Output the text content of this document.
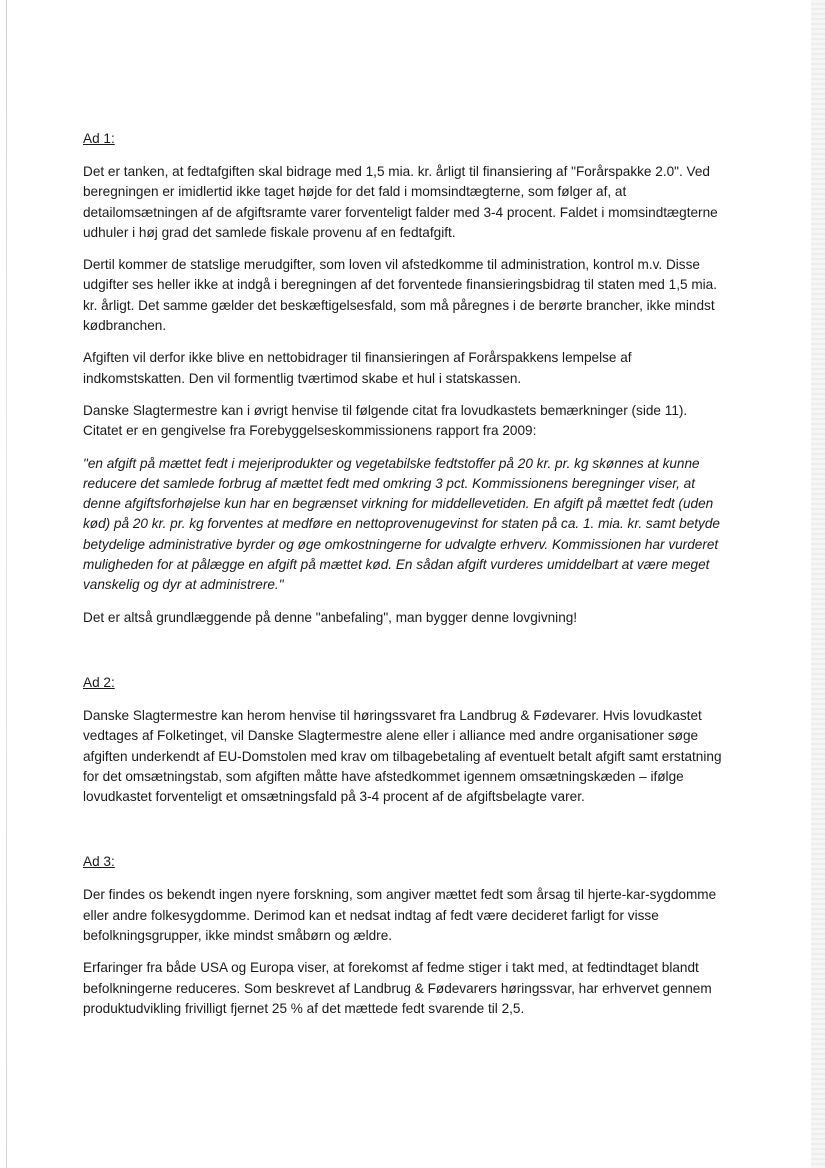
Ad 1:

Det er tanken, at fedtafgiften skal bidrage med 1,5 mia. kr. årligt til finansiering af "Forårspakke 2.0". Ved beregningen er imidlertid ikke taget højde for det fald i momsindtægterne, som følger af, at detailomsætningen af de afgiftsramte varer forventeligt falder med 3-4 procent. Faldet i momsindtægterne udhuler i høj grad det samlede fiskale provenu af en fedtafgift.

Dertil kommer de statslige merudgifter, som loven vil afstedkomme til administration, kontrol m.v. Disse udgifter ses heller ikke at indgå i beregningen af det forventede finansieringsbidrag til staten med 1,5 mia. kr. årligt. Det samme gælder det beskæftigelsesfald, som må påregnes i de berørte brancher, ikke mindst kødbranchen.

Afgiften vil derfor ikke blive en nettobidrager til finansieringen af Forårspakkens lempelse af indkomstskatten. Den vil formentlig tværtimod skabe et hul i statskassen.

Danske Slagtermestre kan i øvrigt henvise til følgende citat fra lovudkastets bemærkninger (side 11). Citatet er en gengivelse fra Forebyggelseskommissionens rapport fra 2009:

"en afgift på mættet fedt i mejeriprodukter og vegetabilske fedtstoffer på 20 kr. pr. kg skønnes at kunne reducere det samlede forbrug af mættet fedt med omkring 3 pct. Kommissionens beregninger viser, at denne afgiftsforhøjelse kun har en begrænset virkning for middellevetiden. En afgift på mættet fedt (uden kød) på 20 kr. pr. kg forventes at medføre en nettoprovenugevinst for staten på ca. 1. mia. kr. samt betyde betydelige administrative byrder og øge omkostningerne for udvalgte erhverv. Kommissionen har vurderet muligheden for at pålægge en afgift på mættet kød. En sådan afgift vurderes umiddelbart at være meget vanskelig og dyr at administrere."

Det er altså grundlæggende på denne "anbefaling", man bygger denne lovgivning!

Ad 2:

Danske Slagtermestre kan herom henvise til høringssvaret fra Landbrug & Fødevarer. Hvis lovudkastet vedtages af Folketinget, vil Danske Slagtermestre alene eller i alliance med andre organisationer søge afgiften underkendt af EU-Domstolen med krav om tilbagebetaling af eventuelt betalt afgift samt erstatning for det omsætningstab, som afgiften måtte have afstedkommet igennem omsætningskæden – ifølge lovudkastet forventeligt et omsætningsfald på 3-4 procent af de afgiftsbelagte varer.

Ad 3:

Der findes os bekendt ingen nyere forskning, som angiver mættet fedt som årsag til hjerte-kar-sygdomme eller andre folkesygdomme. Derimod kan et nedsat indtag af fedt være decideret farligt for visse befolkningsgrupper, ikke mindst småbørn og ældre.

Erfaringer fra både USA og Europa viser, at forekomst af fedme stiger i takt med, at fedtindtaget blandt befolkningerne reduceres. Som beskrevet af Landbrug & Fødevarers høringssvar, har erhvervet gennem produktudvikling frivilligt fjernet 25 % af det mættede fedt svarende til 2,5.
